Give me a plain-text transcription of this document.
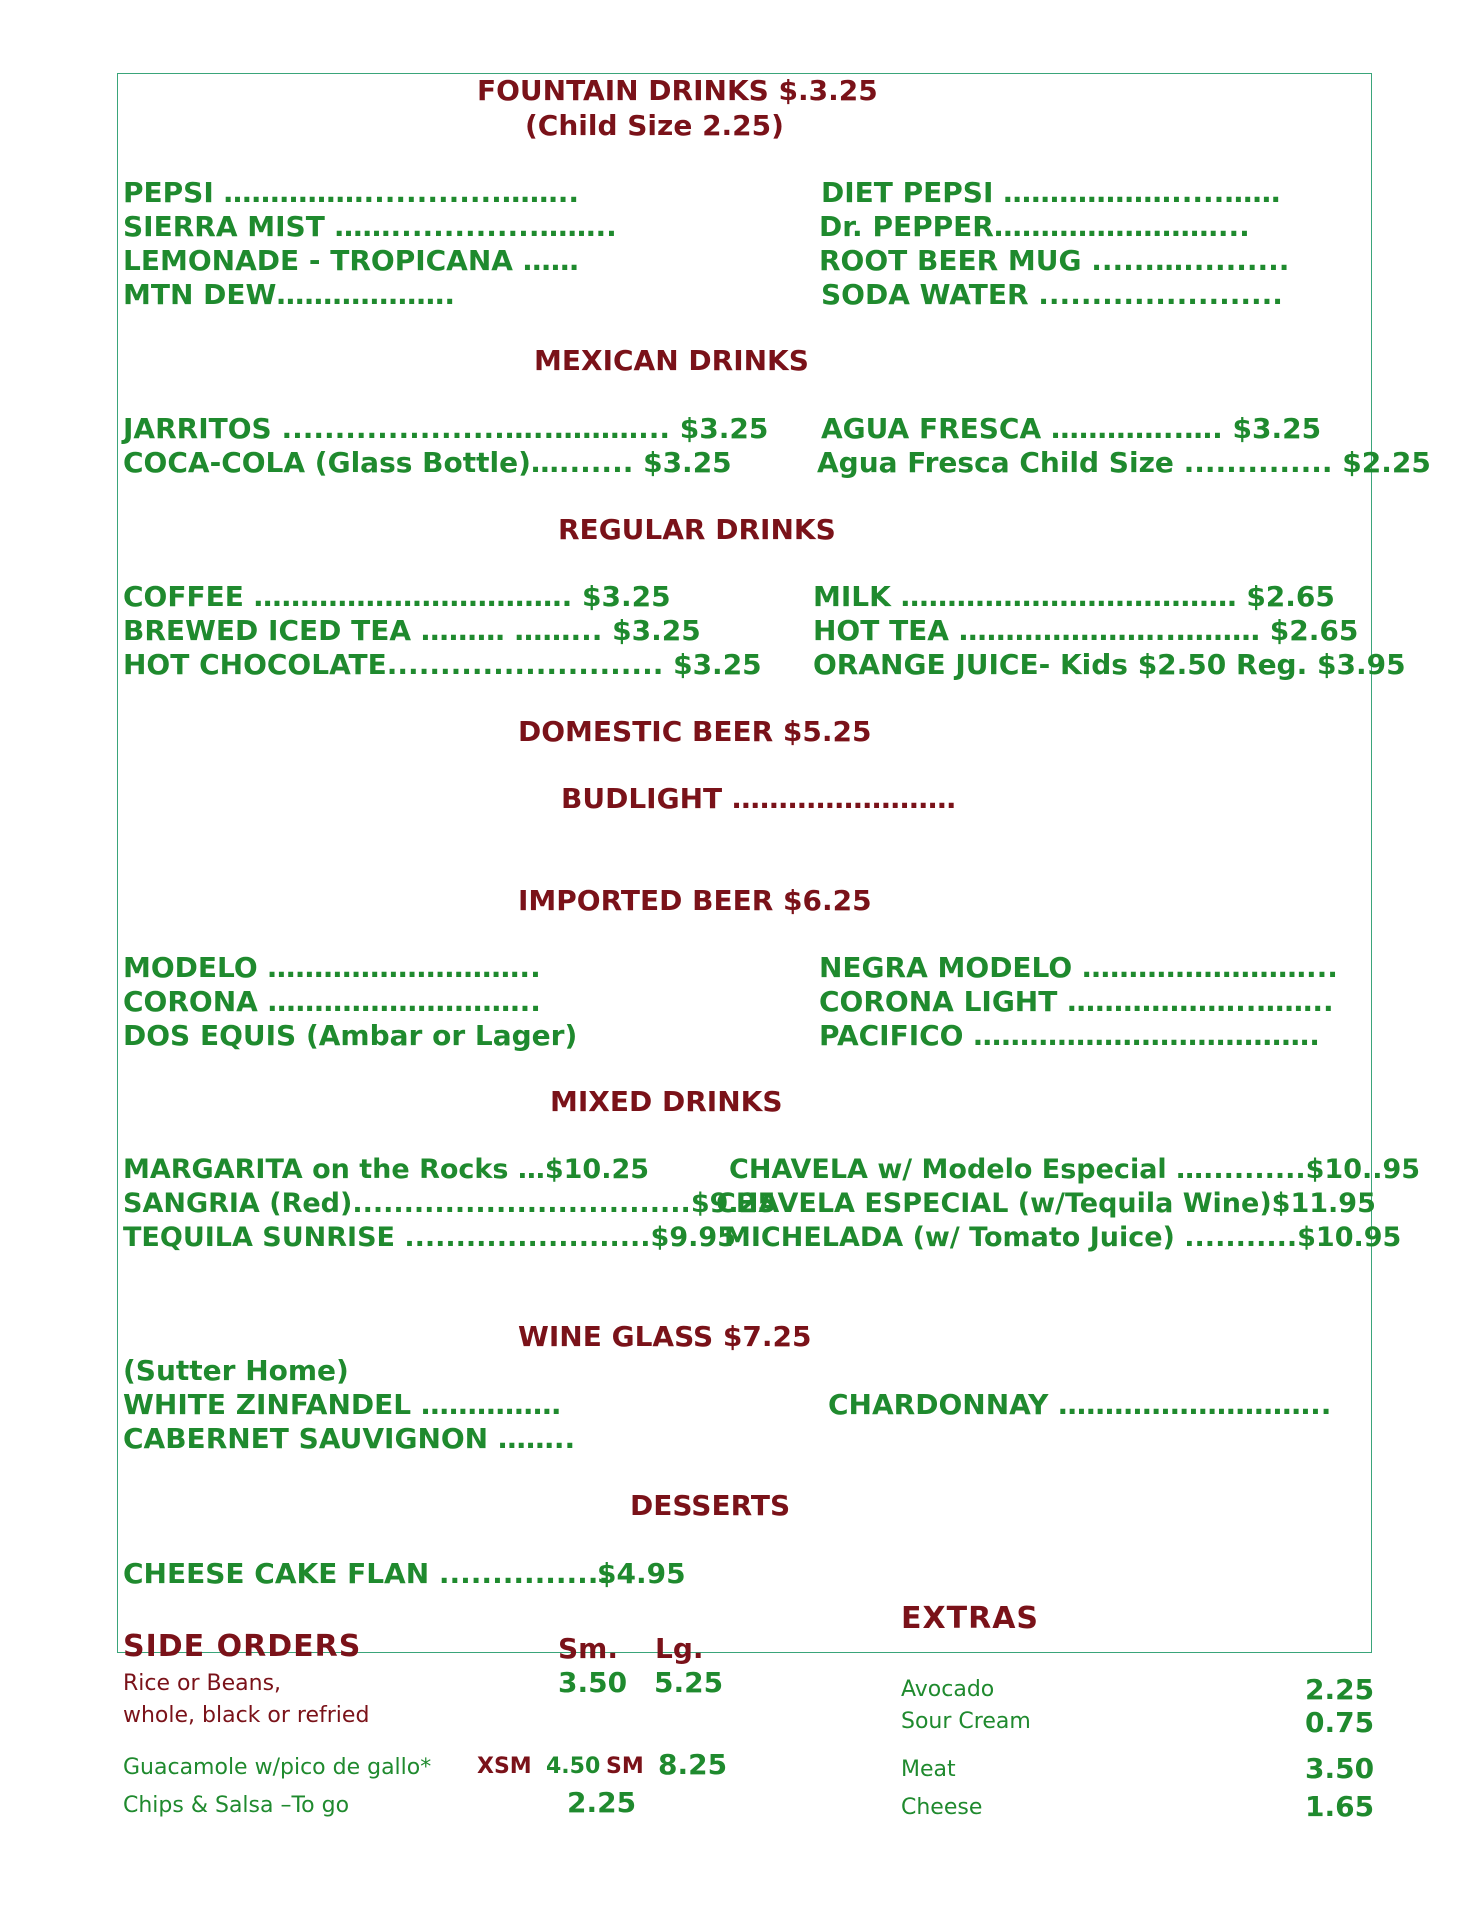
FOUNTAIN DRINKS $.3.25
(Child Size 2.25)
PEPSI …………….............……..
SIERRA MIST ……..............……..
LEMONADE - TROPICANA ……
MTN DEW……………….
DIET PEPSI ……………….....……
Dr. PEPPER……………………...
ROOT BEER MUG ......…..........
SODA WATER .......................
MEXICAN DRINKS
JARRITOS .....................…..………... $3.25
COCA-COLA (Glass Bottle)…....... $3.25
AGUA FRESCA …………..…. $3.25
Agua Fresca Child Size .............. $2.25
REGULAR DRINKS
COFFEE ……………………………. $3.25
BREWED ICED TEA ……… ……... $3.25
HOT CHOCOLATE.......................... $3.25
MILK ……………………………… $2.65
HOT TEA …………………..……… $2.65
ORANGE JUICE- Kids $2.50 Reg. $3.95
DOMESTIC BEER $5.25
BUDLIGHT ……………………
IMPORTED BEER $6.25
MODELO ………………………..
CORONA ………………………..
DOS EQUIS (Ambar or Lager)
NEGRA MODELO ……………………...
CORONA LIGHT ………………..……..
PACIFICO ……………………………….
MIXED DRINKS
MARGARITA on the Rocks …$10.25
SANGRIA (Red).................................$9.25
TEQUILA SUNRISE ........................$9.95
CHAVELA w/ Modelo Especial …..........$10..95
CHAVELA ESPECIAL (w/Tequila Wine)$11.95
MICHELADA (w/ Tomato Juice) ...........$10.95
WINE GLASS $7.25
(Sutter Home)
WHITE ZINFANDEL ……………
CABERNET SAUVIGNON ……..
CHARDONNAY ………………………..
DESSERTS
CHEESE CAKE FLAN ................
$4.95
SIDE ORDERS	Sm. Lg.
Rice or Beans,
whole, black or refried
3.50 5.25
Guacamole w/pico de gallo* XSM 4.50 SM 8.25
Chips & Salsa –To go	2.25
EXTRAS
Avocado	2.25
Sour Cream	0.75
Meat	3.50
Cheese	1.65
